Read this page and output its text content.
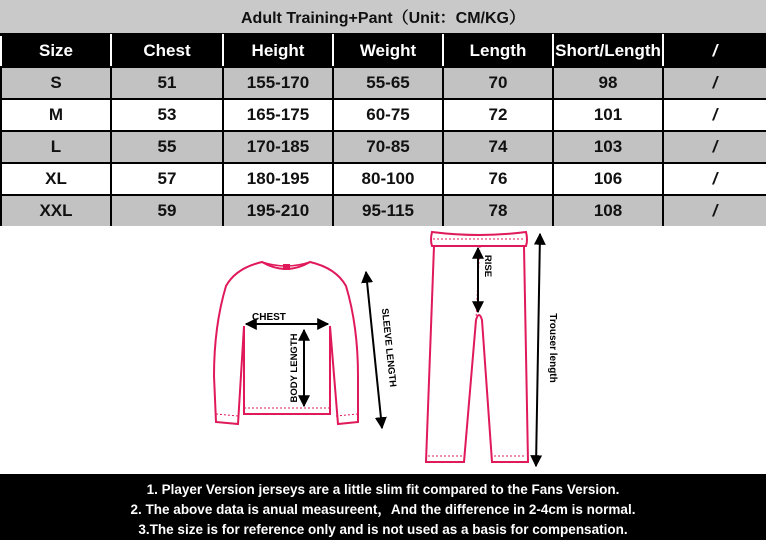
Adult Training+Pant（Unit：CM/KG）
Size	Chest	Height	Weight	Length	Short/Length	/
S	51	155-170	55-65	70	98	/
M	53	165-175	60-75	72	101	/
L	55	170-185	70-85	74	103	/
XL	57	180-195	80-100	76	106	/
XXL	59	195-210	95-115	78	108	/
CHEST
BODY LENGTH	SLEEVE LENGTH
RISE
Trouser length
1. Player Version jerseys are a little slim fit compared to the Fans Version.
2. The above data is anual measureent，And the difference in 2-4cm is normal.
3.The size is for reference only and is not used as a basis for compensation.
